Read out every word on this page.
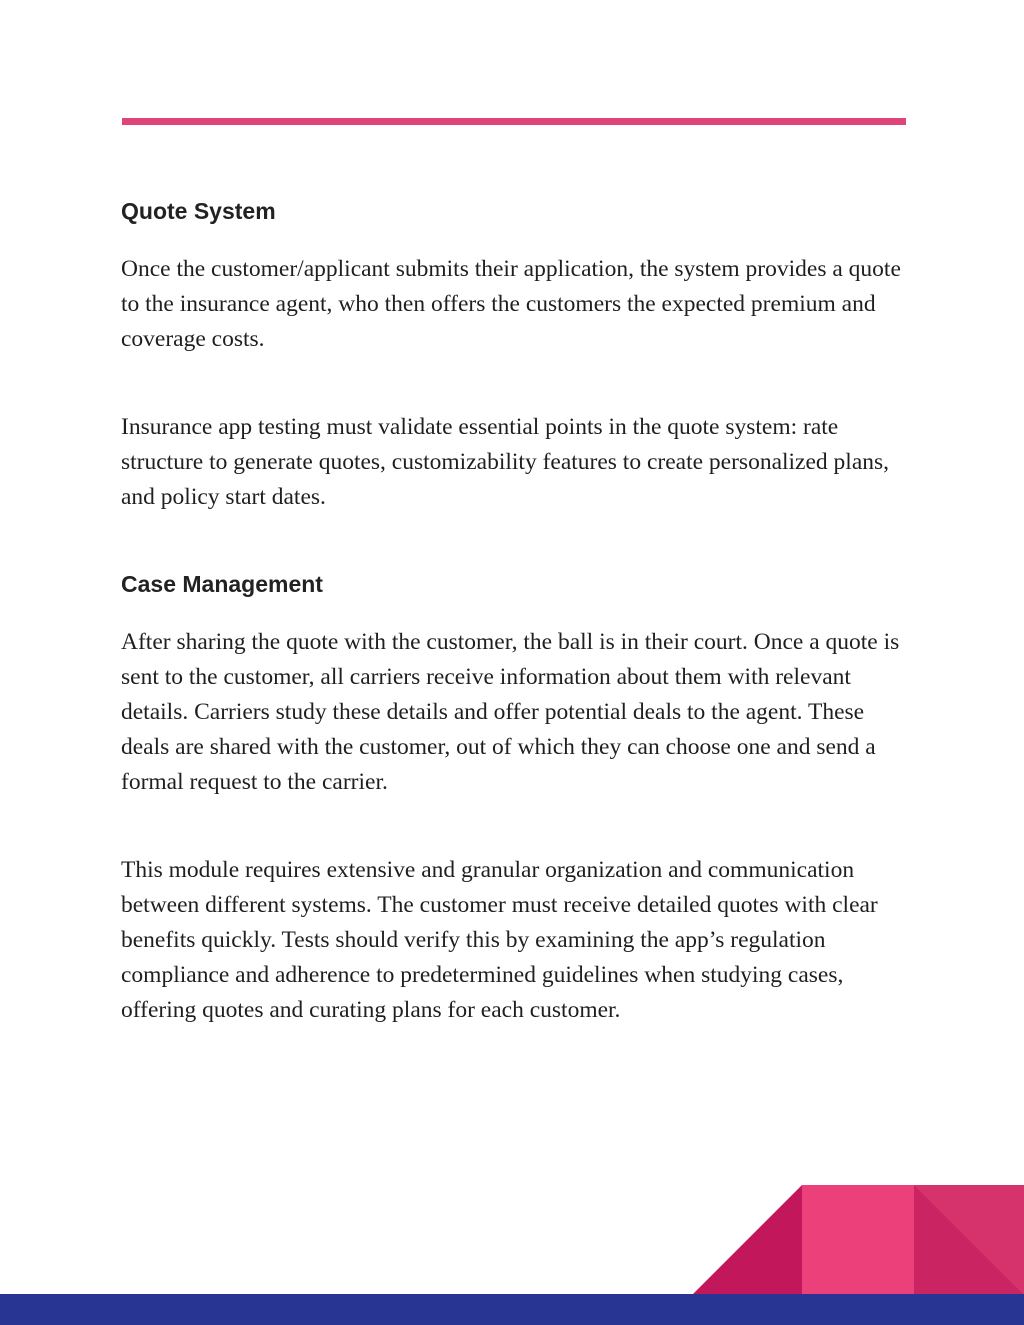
Quote System

Once the customer/applicant submits their application, the system provides a quote to the insurance agent, who then offers the customers the expected premium and coverage costs.

Insurance app testing must validate essential points in the quote system: rate structure to generate quotes, customizability features to create personalized plans, and policy start dates.

Case Management

After sharing the quote with the customer, the ball is in their court. Once a quote is sent to the customer, all carriers receive information about them with relevant details. Carriers study these details and offer potential deals to the agent. These deals are shared with the customer, out of which they can choose one and send a formal request to the carrier.

This module requires extensive and granular organization and communication between different systems. The customer must receive detailed quotes with clear benefits quickly. Tests should verify this by examining the app’s regulation compliance and adherence to predetermined guidelines when studying cases, offering quotes and curating plans for each customer.
